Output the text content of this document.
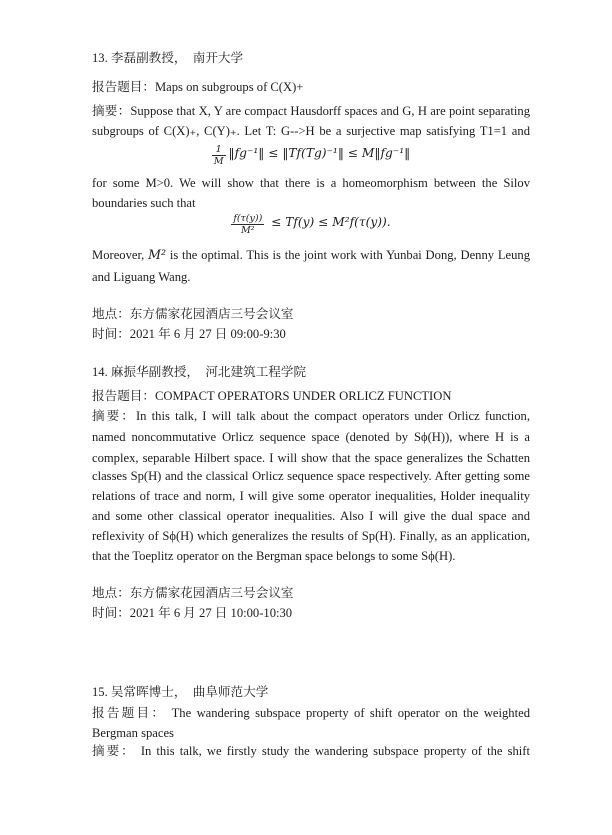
13. 李磊副教授，　南开大学
报告题目：Maps on subgroups of C(X)+
摘要：Suppose that X, Y are compact Hausdorff spaces and G, H are point separating
subgroups of C(X)₊, C(Y)₊. Let T: G-->H be a surjective map satisfying T1=1 and
$\frac{1}{M}$ ‖fg⁻¹‖ ≤ ‖Tf(Tg)⁻¹‖ ≤ M‖fg⁻¹‖
for some M>0. We will show that there is a homeomorphism between the Silov
boundaries such that
$\frac{f(\tau(y))}{\text{M²}} \le Tf(y) \le M^2f(\tau(y))$.
Moreover, M² is the optimal. This is the joint work with Yunbai Dong, Denny Leung
and Liguang Wang.
地点：东方儒家花园酒店三号会议室
时间：2021 年 6 月 27 日 09:00-9:30
14. 麻振华副教授，　河北建筑工程学院
报告题目：COMPACT OPERATORS UNDER ORLICZ FUNCTION
摘要：In this talk, I will talk about the compact operators under Orlicz function,
named noncommutative Orlicz sequence space (denoted by Sϕ(H)), where H is a
complex, separable Hilbert space. I will show that the space generalizes the Schatten
classes Sp(H) and the classical Orlicz sequence space respectively. After getting some
relations of trace and norm, I will give some operator inequalities, Holder inequality
and some other classical operator inequalities. Also I will give the dual space and
reflexivity of Sϕ(H) which generalizes the results of Sp(H). Finally, as an application,
that the Toeplitz operator on the Bergman space belongs to some Sϕ(H).
地点：东方儒家花园酒店三号会议室
时间：2021 年 6 月 27 日 10:00-10:30
15. 吴常晖博士，　曲阜师范大学
报告题目： The wandering subspace property of shift operator on the weighted
Bergman spaces
摘要： In this talk, we firstly study the wandering subspace property of the shift
